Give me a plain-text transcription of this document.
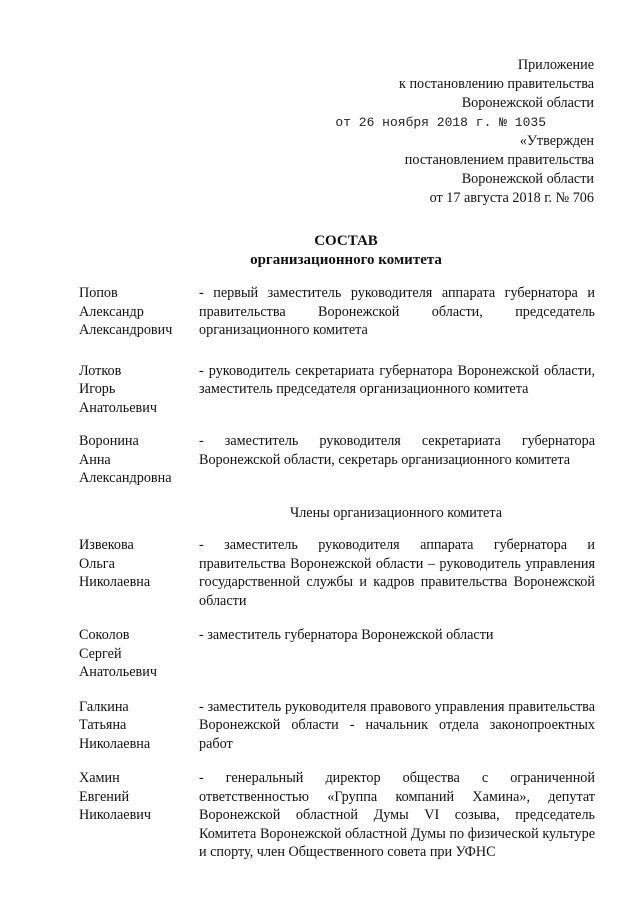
Приложение
к постановлению правительства
Воронежской области
от 26 ноября 2018 г. № 1035
«Утвержден
постановлением правительства
Воронежской области
от 17 августа 2018 г. № 706
СОСТАВ
организационного комитета
Попов
Александр
Александрович
- первый заместитель руководителя аппарата губернатора и правительства Воронежской области, председатель организационного комитета
Лотков
Игорь
Анатольевич
- руководитель секретариата губернатора Воронежской области, заместитель председателя организационного комитета
Воронина
Анна
Александровна
- заместитель руководителя секретариата губернатора Воронежской области, секретарь организационного комитета
Члены организационного комитета
Извекова
Ольга
Николаевна
- заместитель руководителя аппарата губернатора и правительства Воронежской области – руководитель управления государственной службы и кадров правительства Воронежской области
Соколов
Сергей
Анатольевич
- заместитель губернатора Воронежской области
Галкина
Татьяна
Николаевна
- заместитель руководителя правового управления правительства Воронежской области - начальник отдела законопроектных работ
Хамин
Евгений
Николаевич
- генеральный директор общества с ограниченной ответственностью «Группа компаний Хамина», депутат Воронежской областной Думы VI созыва, председатель Комитета Воронежской областной Думы по физической культуре и спорту, член Общественного совета при УФНС
